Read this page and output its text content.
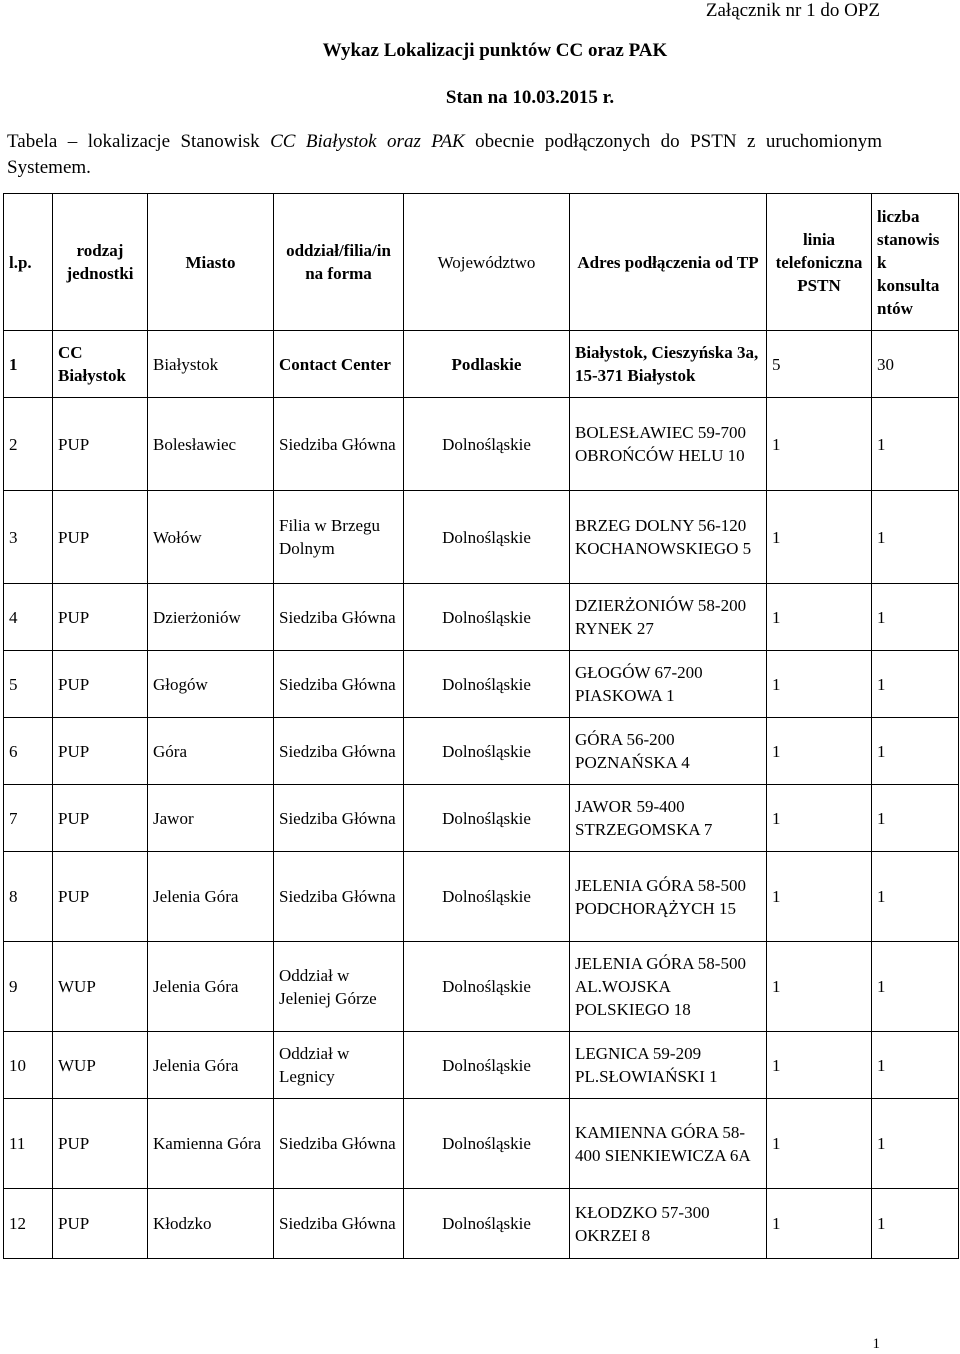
Załącznik nr 1 do OPZ
Wykaz Lokalizacji punktów CC oraz PAK
Stan na 10.03.2015 r.
Tabela – lokalizacje Stanowisk CC Białystok oraz PAK obecnie podłączonych do PSTN z uruchomionym Systemem.
l.p.	rodzaj jednostki	Miasto	oddział/filia/in na forma	Województwo	Adres podłączenia od TP	linia telefoniczna PSTN	liczba stanowis k konsulta ntów
1	CC Białystok	Białystok	Contact Center	Podlaskie	Białystok, Cieszyńska 3a, 15-371 Białystok	5	30
2	PUP	Bolesławiec	Siedziba Główna	Dolnośląskie	BOLESŁAWIEC 59-700 OBROŃCÓW HELU 10	1	1
3	PUP	Wołów	Filia w Brzegu Dolnym	Dolnośląskie	BRZEG DOLNY 56-120 KOCHANOWSKIEGO 5	1	1
4	PUP	Dzierżoniów	Siedziba Główna	Dolnośląskie	DZIERŻONIÓW 58-200 RYNEK 27	1	1
5	PUP	Głogów	Siedziba Główna	Dolnośląskie	GŁOGÓW 67-200 PIASKOWA 1	1	1
6	PUP	Góra	Siedziba Główna	Dolnośląskie	GÓRA 56-200 POZNAŃSKA 4	1	1
7	PUP	Jawor	Siedziba Główna	Dolnośląskie	JAWOR 59-400 STRZEGOMSKA 7	1	1
8	PUP	Jelenia Góra	Siedziba Główna	Dolnośląskie	JELENIA GÓRA 58-500 PODCHORĄŻYCH 15	1	1
9	WUP	Jelenia Góra	Oddział w Jeleniej Górze	Dolnośląskie	JELENIA GÓRA 58-500 AL.WOJSKA POLSKIEGO 18	1	1
10	WUP	Jelenia Góra	Oddział w Legnicy	Dolnośląskie	LEGNICA 59-209 PL.SŁOWIAŃSKI 1	1	1
11	PUP	Kamienna Góra	Siedziba Główna	Dolnośląskie	KAMIENNA GÓRA 58-400 SIENKIEWICZA 6A	1	1
12	PUP	Kłodzko	Siedziba Główna	Dolnośląskie	KŁODZKO 57-300 OKRZEI 8	1	1
1
